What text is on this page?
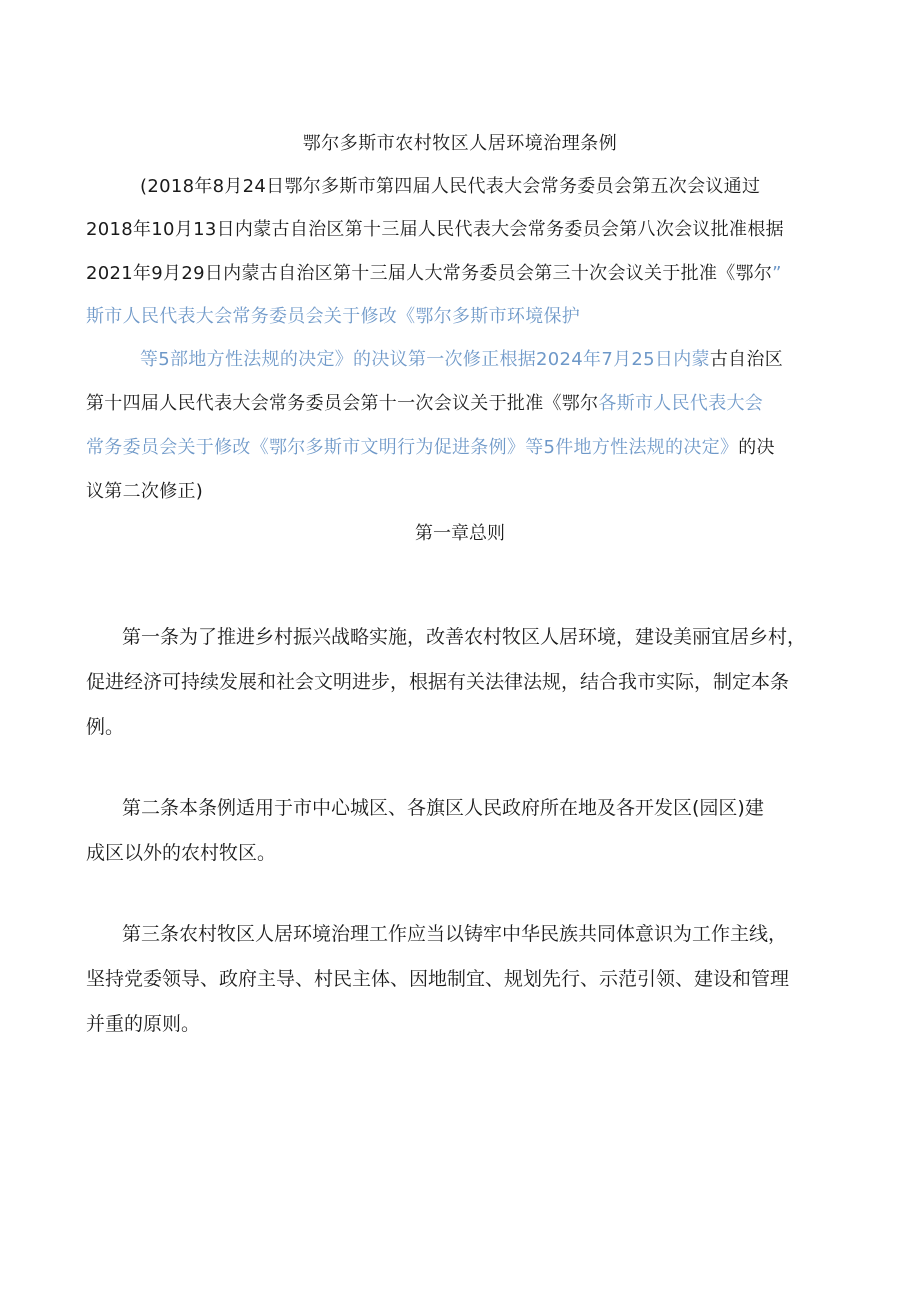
鄂尔多斯市农村牧区人居环境治理条例
(2018年8月24日鄂尔多斯市第四届人民代表大会常务委员会第五次会议通过
2018年10月13日内蒙古自治区第十三届人民代表大会常务委员会第八次会议批准根据
2021年9月29日内蒙古自治区第十三届人大常务委员会第三十次会议关于批准《鄂尔”
斯市人民代表大会常务委员会关于修改《鄂尔多斯市环境保护
等5部地方性法规的决定》的决议第一次修正根据2024年7月25日内蒙古自治区
第十四届人民代表大会常务委员会第十一次会议关于批准《鄂尔各斯市人民代表大会
常务委员会关于修改《鄂尔多斯市文明行为促进条例》等5件地方性法规的决定》的决
议第二次修正)
第一章总则
第一条为了推进乡村振兴战略实施，改善农村牧区人居环境，建设美丽宜居乡村，
促进经济可持续发展和社会文明进步，根据有关法律法规，结合我市实际，制定本条
例。
第二条本条例适用于市中心城区、各旗区人民政府所在地及各开发区(园区)建
成区以外的农村牧区。
第三条农村牧区人居环境治理工作应当以铸牢中华民族共同体意识为工作主线，
坚持党委领导、政府主导、村民主体、因地制宜、规划先行、示范引领、建设和管理
并重的原则。
